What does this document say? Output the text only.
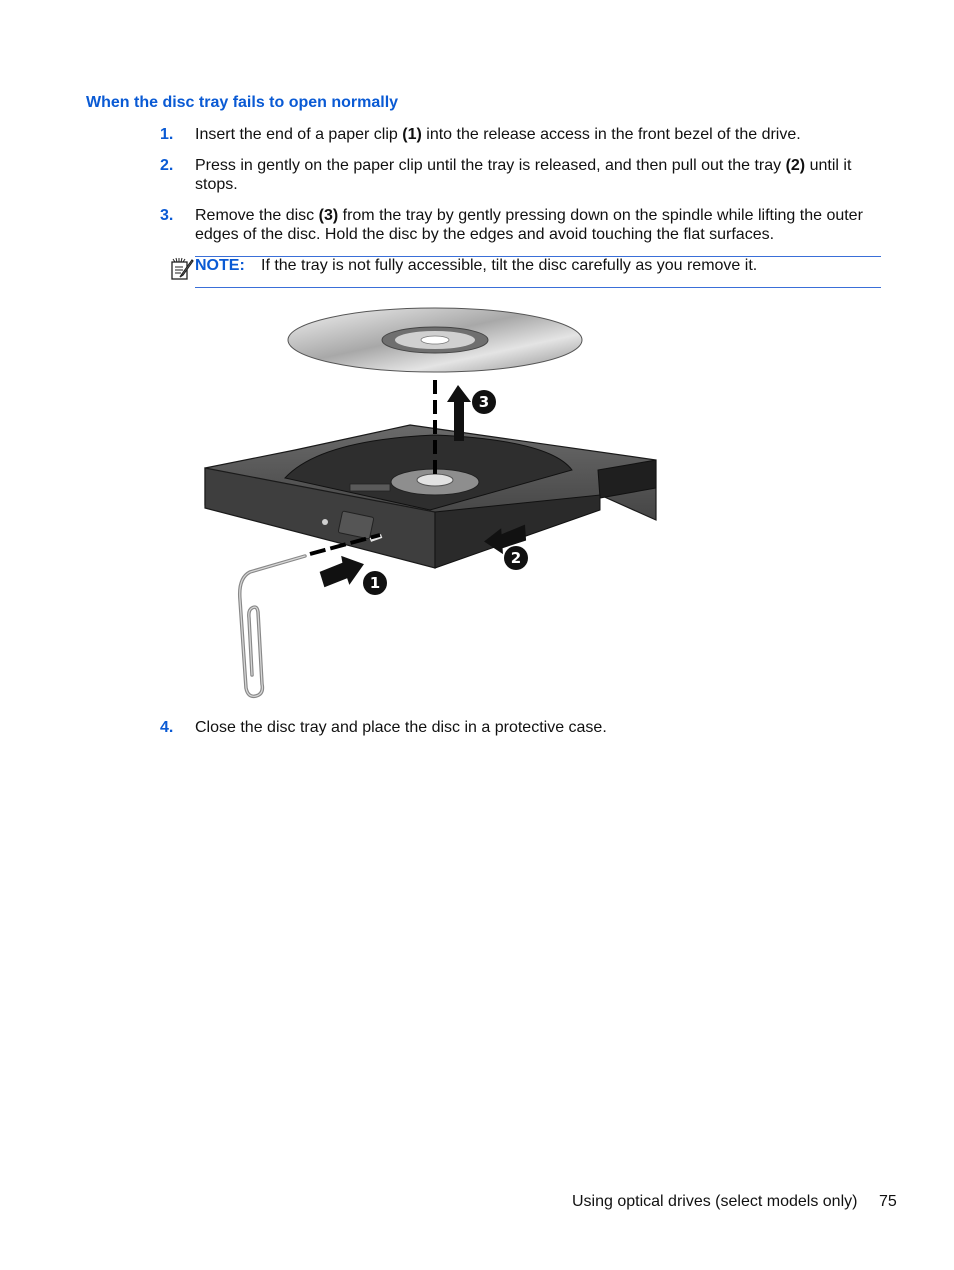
When the disc tray fails to open normally
1. Insert the end of a paper clip (1) into the release access in the front bezel of the drive.
2. Press in gently on the paper clip until the tray is released, and then pull out the tray (2) until it stops.
3. Remove the disc (3) from the tray by gently pressing down on the spindle while lifting the outer edges of the disc. Hold the disc by the edges and avoid touching the flat surfaces.
NOTE: If the tray is not fully accessible, tilt the disc carefully as you remove it.
3
2
1
4. Close the disc tray and place the disc in a protective case.
Using optical drives (select models only) 75
